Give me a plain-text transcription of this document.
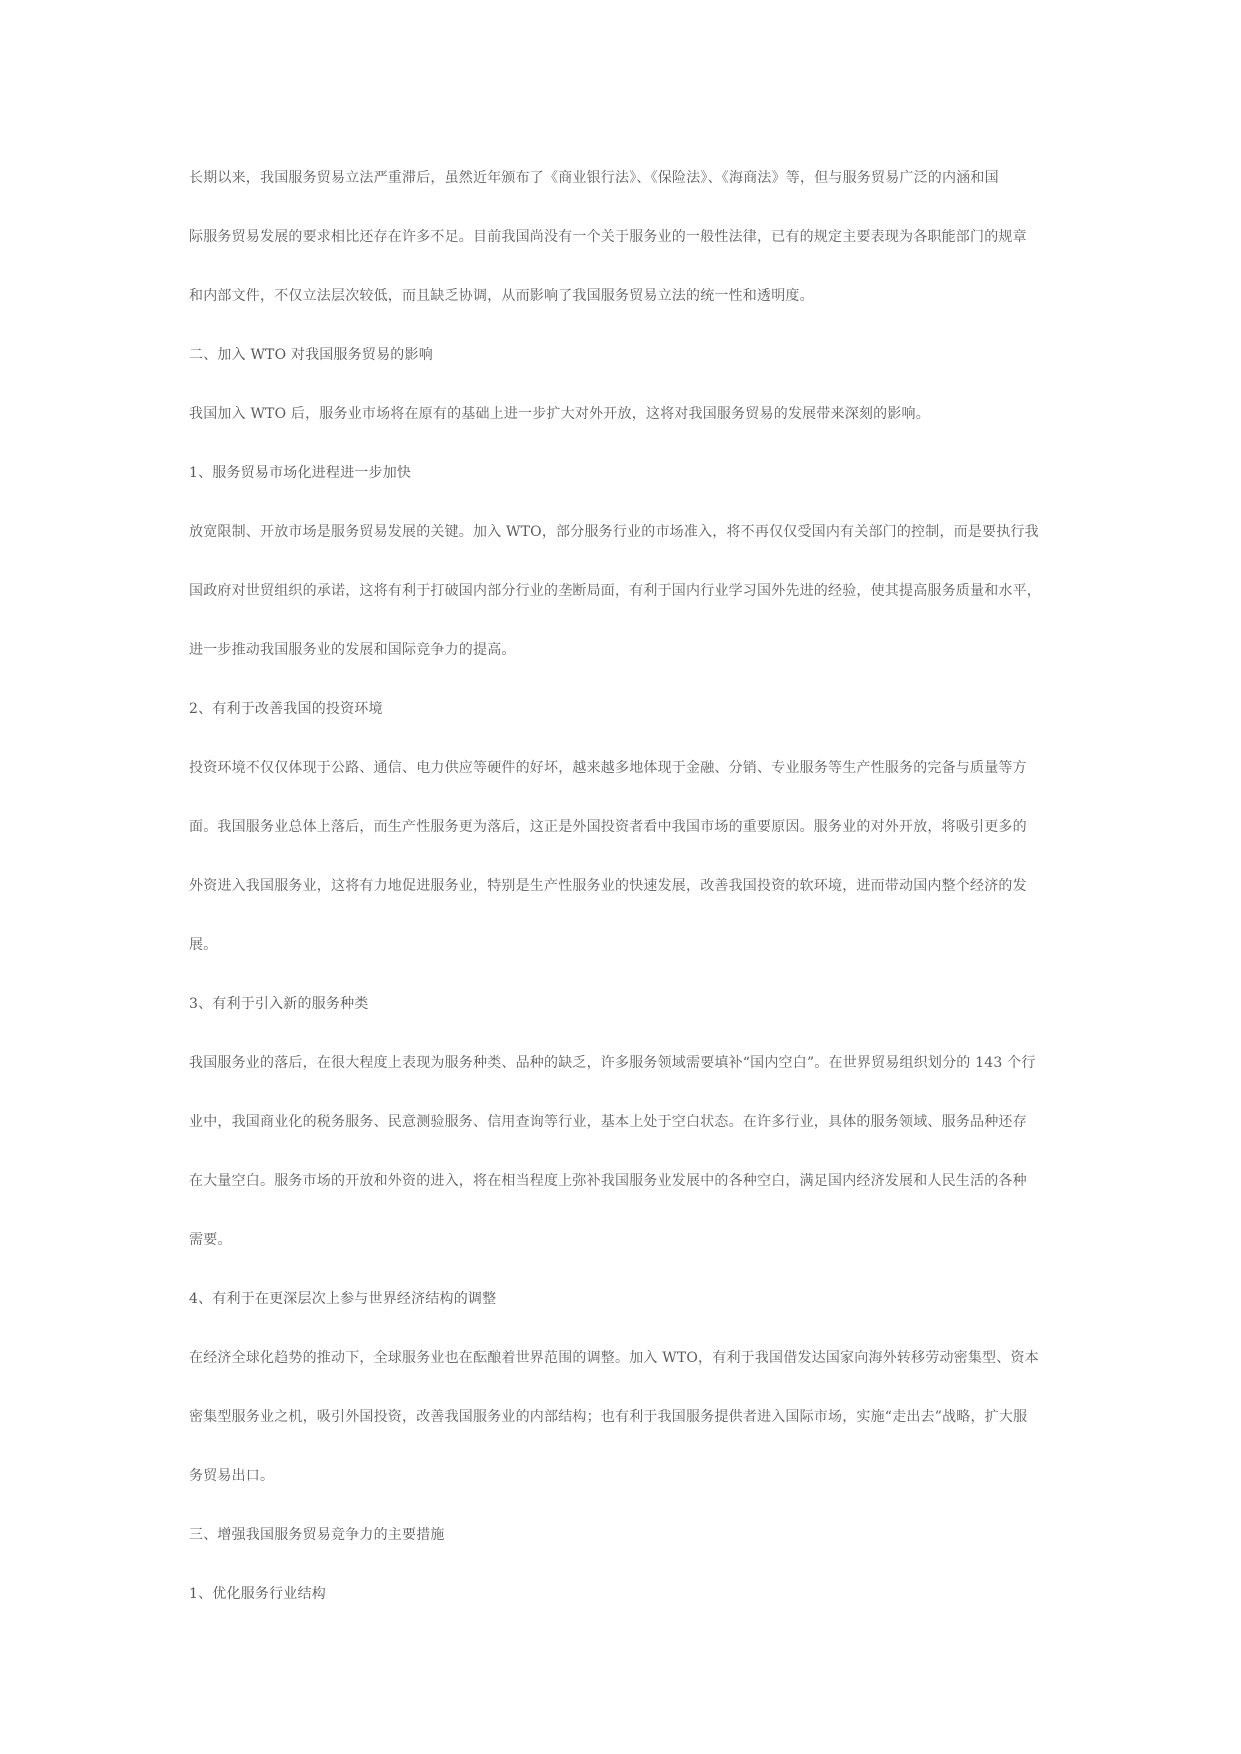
长期以来，我国服务贸易立法严重滞后，虽然近年颁布了《商业银行法》、《保险法》、《海商法》等，但与服务贸易广泛的内涵和国
际服务贸易发展的要求相比还存在许多不足。目前我国尚没有一个关于服务业的一般性法律，已有的规定主要表现为各职能部门的规章
和内部文件，不仅立法层次较低，而且缺乏协调，从而影响了我国服务贸易立法的统一性和透明度。
二、加入 WTO 对我国服务贸易的影响
我国加入 WTO 后，服务业市场将在原有的基础上进一步扩大对外开放，这将对我国服务贸易的发展带来深刻的影响。
1、服务贸易市场化进程进一步加快
放宽限制、开放市场是服务贸易发展的关键。加入 WTO，部分服务行业的市场准入，将不再仅仅受国内有关部门的控制，而是要执行我
国政府对世贸组织的承诺，这将有利于打破国内部分行业的垄断局面，有利于国内行业学习国外先进的经验，使其提高服务质量和水平，
进一步推动我国服务业的发展和国际竞争力的提高。
2、有利于改善我国的投资环境
投资环境不仅仅体现于公路、通信、电力供应等硬件的好坏，越来越多地体现于金融、分销、专业服务等生产性服务的完备与质量等方
面。我国服务业总体上落后，而生产性服务更为落后，这正是外国投资者看中我国市场的重要原因。服务业的对外开放，将吸引更多的
外资进入我国服务业，这将有力地促进服务业，特别是生产性服务业的快速发展，改善我国投资的软环境，进而带动国内整个经济的发
展。
3、有利于引入新的服务种类
我国服务业的落后，在很大程度上表现为服务种类、品种的缺乏，许多服务领域需要填补“国内空白”。在世界贸易组织划分的 143 个行
业中，我国商业化的税务服务、民意测验服务、信用查询等行业，基本上处于空白状态。在许多行业，具体的服务领域、服务品种还存
在大量空白。服务市场的开放和外资的进入，将在相当程度上弥补我国服务业发展中的各种空白，满足国内经济发展和人民生活的各种
需要。
4、有利于在更深层次上参与世界经济结构的调整
在经济全球化趋势的推动下，全球服务业也在酝酿着世界范围的调整。加入 WTO，有利于我国借发达国家向海外转移劳动密集型、资本
密集型服务业之机，吸引外国投资，改善我国服务业的内部结构；也有利于我国服务提供者进入国际市场，实施“走出去”战略，扩大服
务贸易出口。
三、增强我国服务贸易竞争力的主要措施
1、优化服务行业结构
